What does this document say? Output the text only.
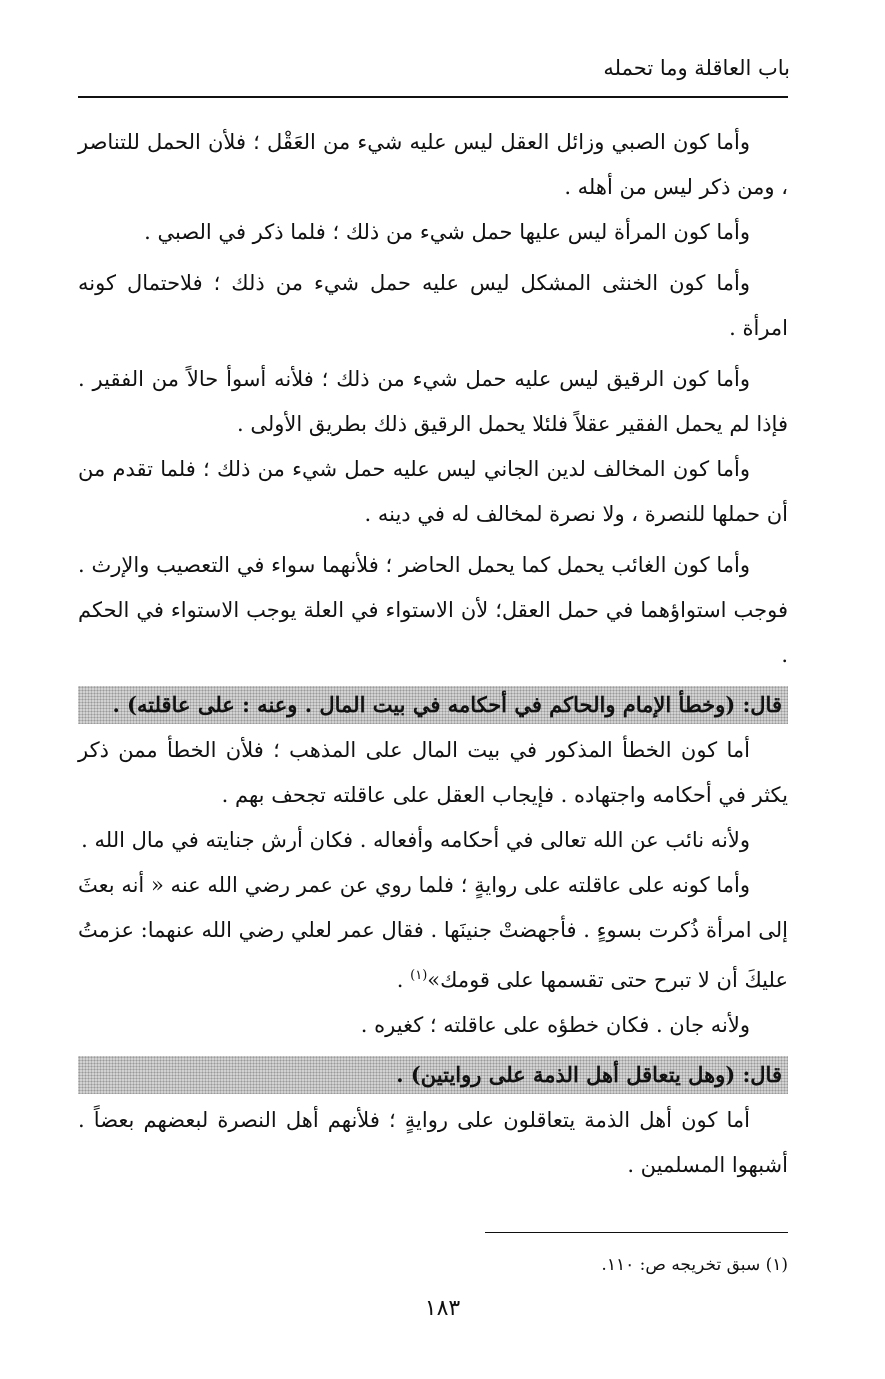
باب العاقلة وما تحمله

وأما كون الصبي وزائل العقل ليس عليه شيء من العَقْل ؛ فلأن الحمل للتناصر ، ومن ذكر ليس من أهله .

وأما كون المرأة ليس عليها حمل شيء من ذلك ؛ فلما ذكر في الصبي .

وأما كون الخنثى المشكل ليس عليه حمل شيء من ذلك ؛ فلاحتمال كونه امرأة .

وأما كون الرقيق ليس عليه حمل شيء من ذلك ؛ فلأنه أسوأ حالاً من الفقير . فإذا لم يحمل الفقير عقلاً فلئلا يحمل الرقيق ذلك بطريق الأولى .

وأما كون المخالف لدين الجاني ليس عليه حمل شيء من ذلك ؛ فلما تقدم من أن حملها للنصرة ، ولا نصرة لمخالف له في دينه .

وأما كون الغائب يحمل كما يحمل الحاضر ؛ فلأنهما سواء في التعصيب والإرث . فوجب استواؤهما في حمل العقل؛ لأن الاستواء في العلة يوجب الاستواء في الحكم .

قال: (وخطأ الإمام والحاكم في أحكامه في بيت المال . وعنه : على عاقلته) .

أما كون الخطأ المذكور في بيت المال على المذهب ؛ فلأن الخطأ ممن ذكر يكثر في أحكامه واجتهاده . فإيجاب العقل على عاقلته تجحف بهم .

ولأنه نائب عن الله تعالى في أحكامه وأفعاله . فكان أرش جنايته في مال الله .

وأما كونه على عاقلته على روايةٍ ؛ فلما روي عن عمر رضي الله عنه « أنه بعثَ إلى امرأة ذُكرت بسوءٍ . فأجهضتْ جنينَها . فقال عمر لعلي رضي الله عنهما: عزمتُ عليكَ أن لا تبرح حتى تقسمها على قومك»$^{(١)}$ .

ولأنه جان . فكان خطؤه على عاقلته ؛ كغيره .

قال: (وهل يتعاقل أهل الذمة على روايتين) .

أما كون أهل الذمة يتعاقلون على روايةٍ ؛ فلأنهم أهل النصرة لبعضهم بعضاً . أشبهوا المسلمين .

(١) سبق تخريجه ص: ١١٠.
١٨٣
